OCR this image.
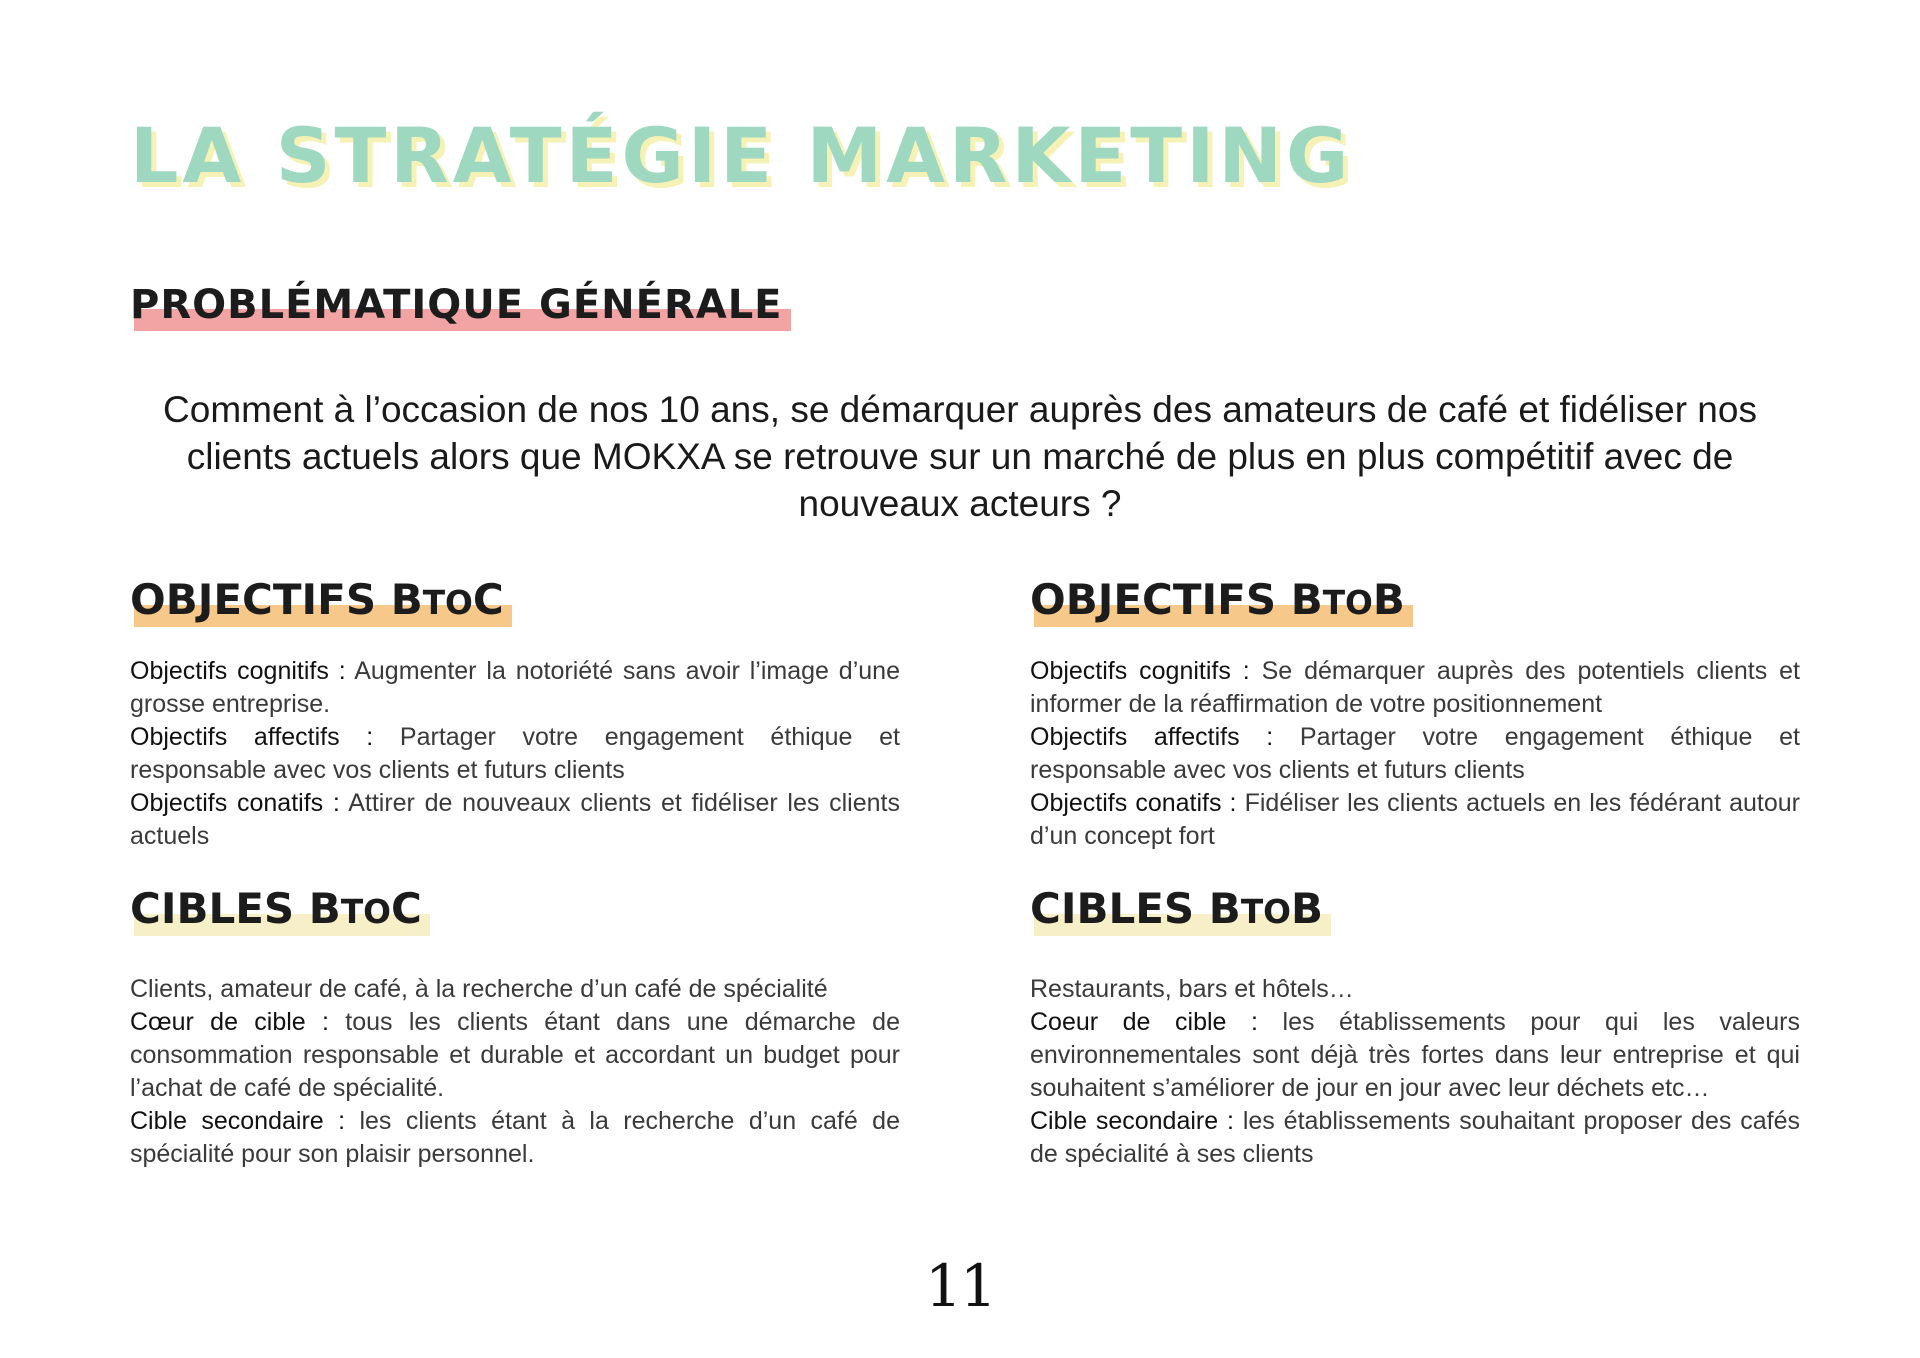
LA STRATÉGIE MARKETING
PROBLÉMATIQUE GÉNÉRALE
Comment à l’occasion de nos 10 ans, se démarquer auprès des amateurs de café et fidéliser nos clients actuels alors que MOKXA se retrouve sur un marché de plus en plus compétitif avec de nouveaux acteurs ?
OBJECTIFS BTOC

Objectifs cognitifs : Augmenter la notoriété sans avoir l’image d’une grosse entreprise.

Objectifs affectifs : Partager votre engagement éthique et responsable avec vos clients et futurs clients

Objectifs conatifs : Attirer de nouveaux clients et fidéliser les clients actuels

OBJECTIFS BTOB

Objectifs cognitifs : Se démarquer auprès des potentiels clients et informer de la réaffirmation de votre positionnement

Objectifs affectifs : Partager votre engagement éthique et responsable avec vos clients et futurs clients

Objectifs conatifs : Fidéliser les clients actuels en les fédérant autour d’un concept fort

CIBLES BTOC

Clients, amateur de café, à la recherche d’un café de spécialité

Cœur de cible : tous les clients étant dans une démarche de consommation responsable et durable et accordant un budget pour l’achat de café de spécialité.

Cible secondaire : les clients étant à la recherche d’un café de spécialité pour son plaisir personnel.

CIBLES BTOB

Restaurants, bars et hôtels…

Coeur de cible : les établissements pour qui les valeurs environnementales sont déjà très fortes dans leur entreprise et qui souhaitent s’améliorer de jour en jour avec leur déchets etc…

Cible secondaire : les établissements souhaitant proposer des cafés de spécialité à ses clients

11
